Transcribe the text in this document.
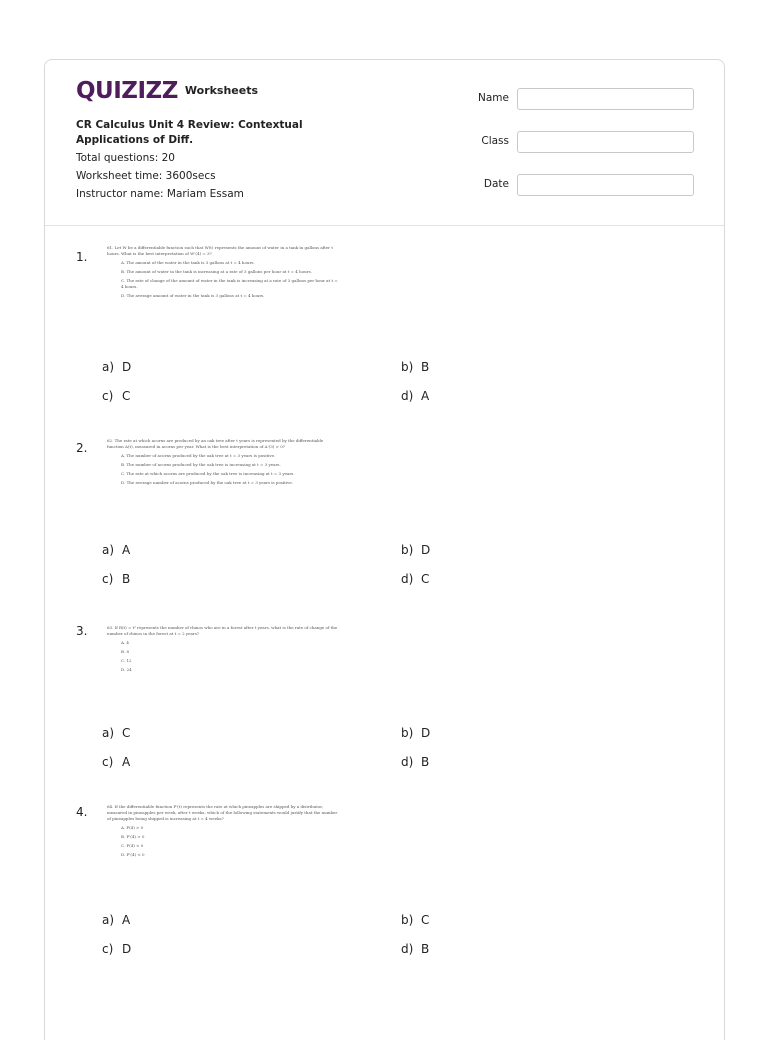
QUIZIZZ Worksheets
CR Calculus Unit 4 Review: Contextual Applications of Diff.
Total questions: 20
Worksheet time: 3600secs
Instructor name: Mariam Essam
Name
Class
Date
1.
61. Let W be a differentiable function such that W(t) represents the amount of water in a tank in gallons after t hours. What is the best interpretation of W'(4) = 3?
A. The amount of the water in the tank is 3 gallons at t = 4 hours.
B. The amount of water in the tank is increasing at a rate of 3 gallons per hour at t = 4 hours.
C. The rate of change of the amount of water in the tank is increasing at a rate of 3 gallons per hour at t = 4 hours.
D. The average amount of water in the tank is 3 gallons at t = 4 hours.
a) D	b) B
c) C	d) A
2.
62. The rate at which acorns are produced by an oak tree after t years is represented by the differentiable function A(t), measured in acorns per year. What is the best interpretation of A'(3) > 0?
A. The number of acorns produced by the oak tree at t = 3 years is positive.
B. The number of acorns produced by the oak tree is increasing at t = 3 years.
C. The rate at which acorns are produced by the oak tree is increasing at t = 3 years.
D. The average number of acorns produced by the oak tree at t = 3 years is positive.
a) A	b) D
c) B	d) C
3.	63. If R(t) = t² represents the number of rhinos who are in a forest after t years, what is the rate of change of the number of rhinos in the forest at t = 2 years?
A. 4
B. 8
C. 12
D. 24
a) C	b) D
c) A	d) B
4.	64. If the differentiable function P'(t) represents the rate at which pineapples are shipped by a distributor, measured in pineapples per week, after t weeks, which of the following statements would justify that the number of pineapples being shipped is increasing at t = 4 weeks?
A. P(4) > 0
B. P'(4) > 0
C. P(4) < 0
D. P'(4) < 0
a) A	b) C
c) D	d) B
